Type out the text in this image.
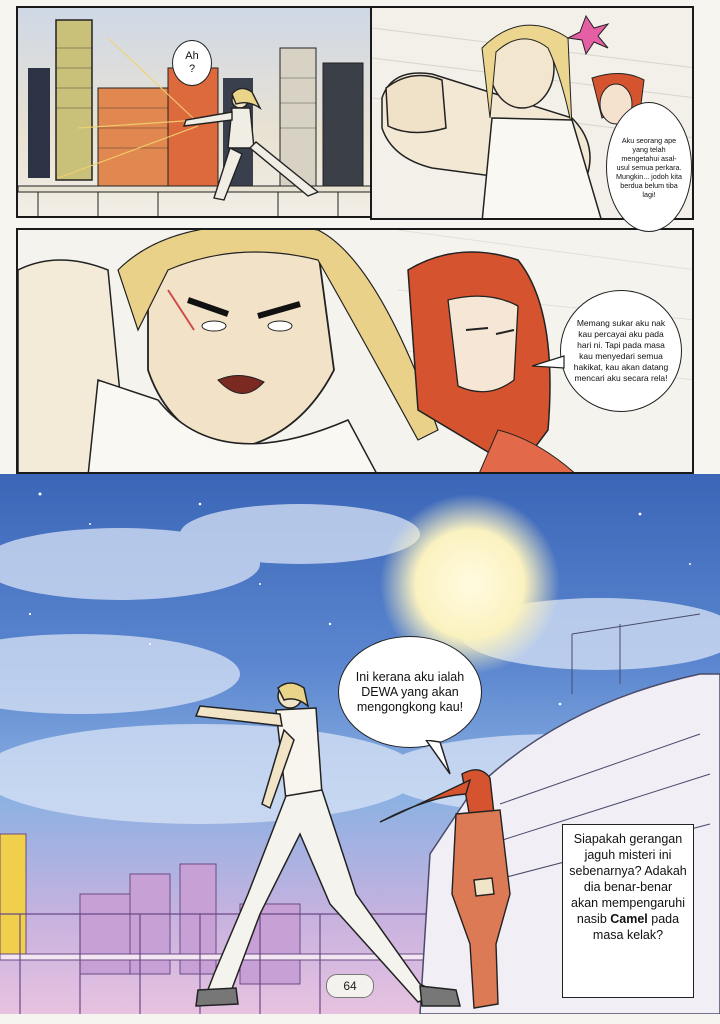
Ah
?
Aku seorang ape yang telah mengetahui asal-usul semua perkara. Mungkin... jodoh kita berdua belum tiba lagi!
Memang sukar aku nak kau percayai aku pada hari ni. Tapi pada masa kau menyedari semua hakikat, kau akan datang mencari aku secara rela!
Ini kerana aku ialah DEWA yang akan mengongkong kau!
Siapakah gerangan jaguh misteri ini sebenarnya? Adakah dia benar-benar akan mempengaruhi nasib Camel pada masa kelak?
64
